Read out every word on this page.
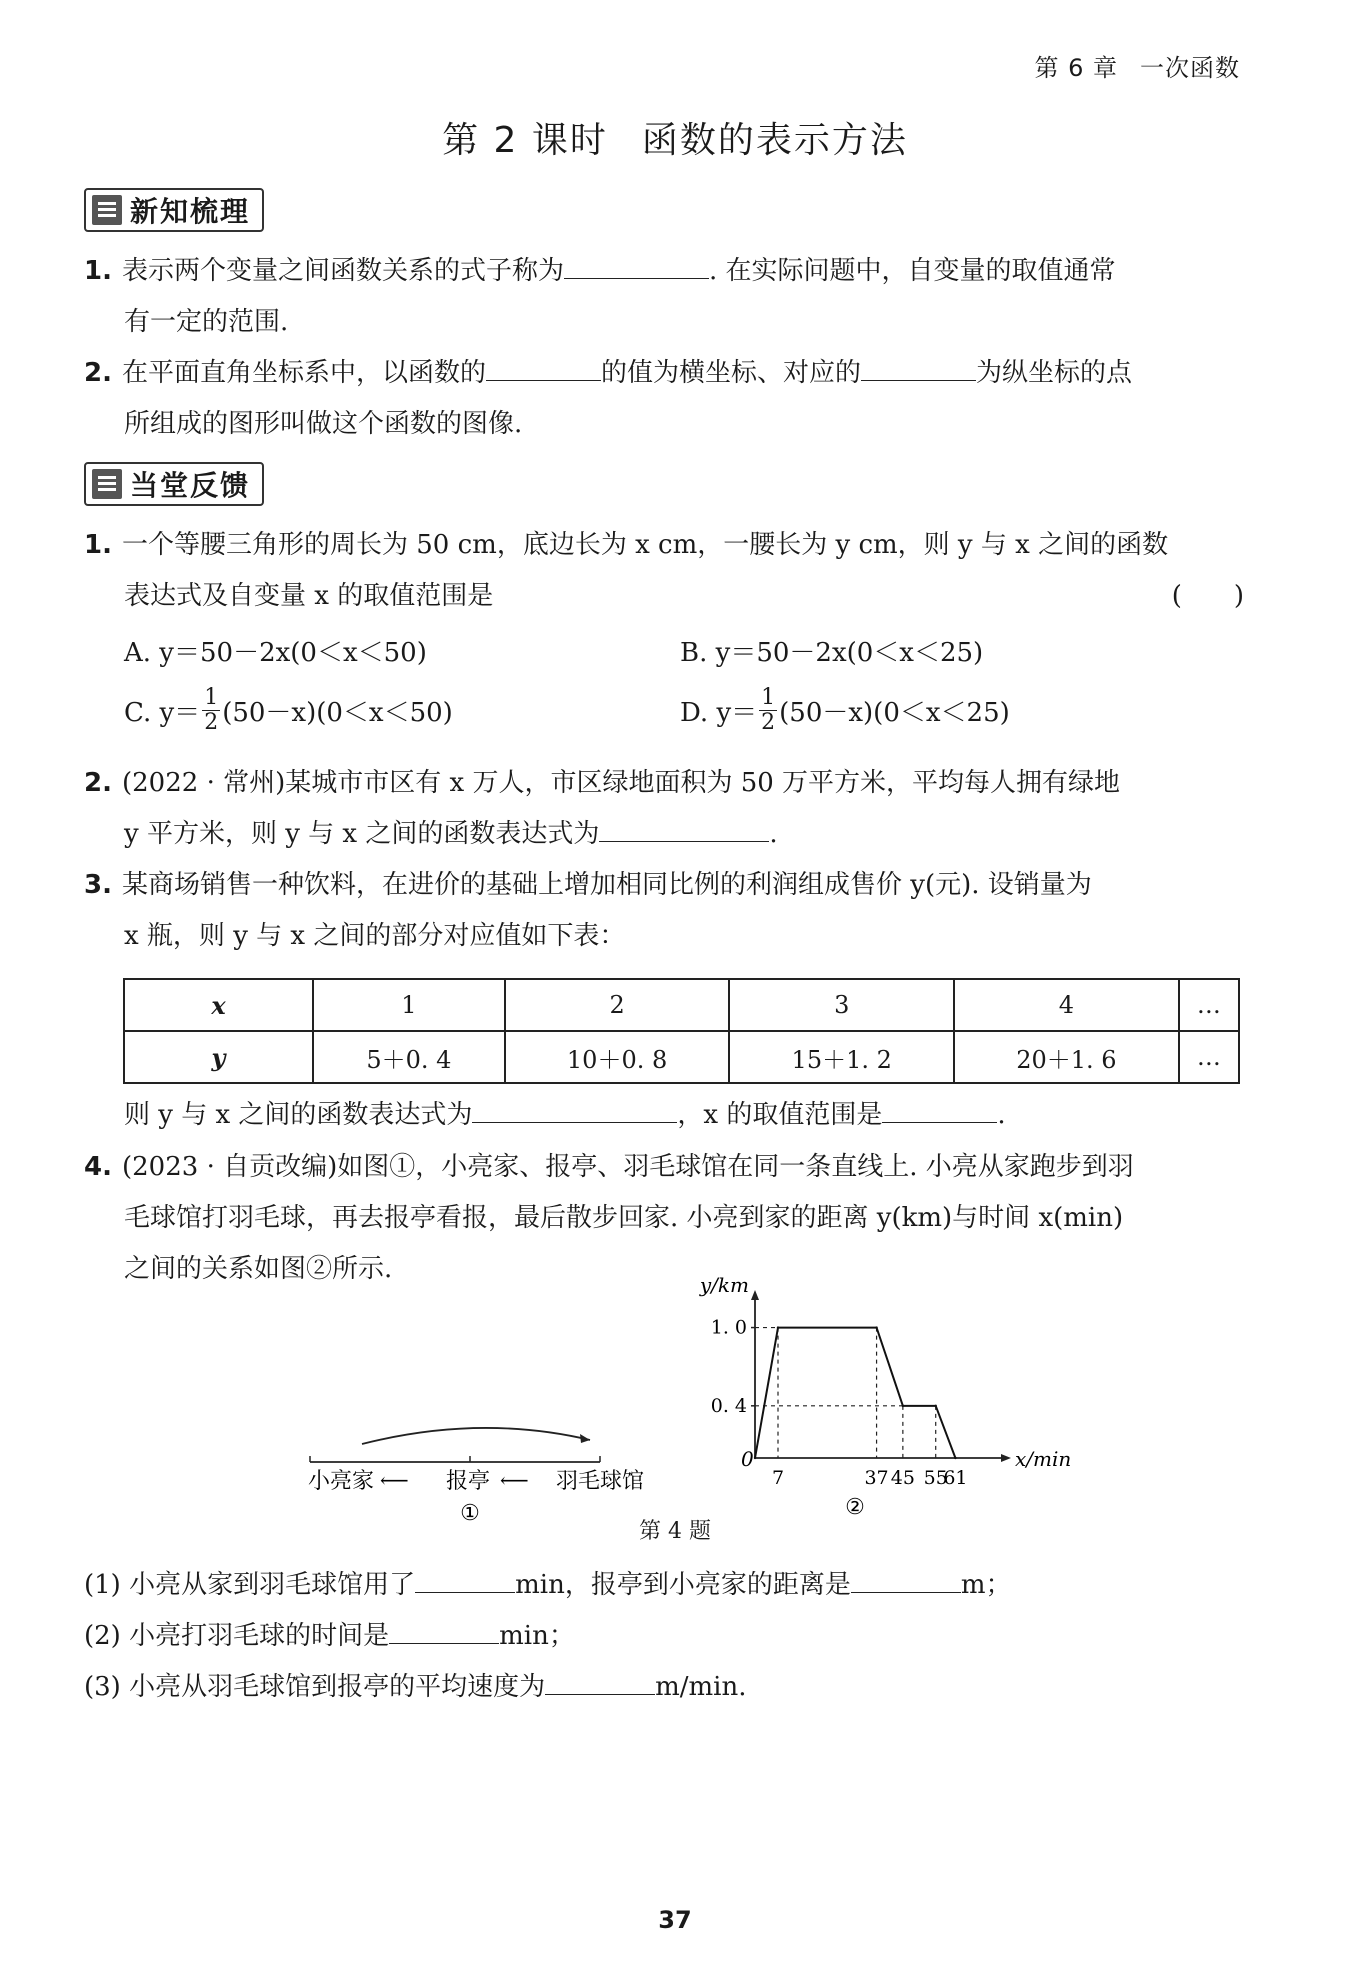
第 6 章 一次函数
第 2 课时 函数的表示方法
新知梳理
1. 表示两个变量之间函数关系的式子称为	. 在实际问题中，自变量的取值通常
有一定的范围.
2. 在平面直角坐标系中，以函数的	的值为横坐标、对应的	为纵坐标的点
所组成的图形叫做这个函数的图像.
当堂反馈
1. 一个等腰三角形的周长为 50 cm，底边长为 x cm，一腰长为 y cm，则 y 与 x 之间的函数
表达式及自变量 x 的取值范围是	(　　)
A. y＝50－2x(0＜x＜50)	B. y＝50－2x(0＜x＜25)
C. y＝
1
2 (50－x)(0＜x＜50)	D. y＝
1
2 (50－x)(0＜x＜25)
2. (2022 · 常州)某城市市区有 x 万人，市区绿地面积为 50 万平方米，平均每人拥有绿地
y 平方米，则 y 与 x 之间的函数表达式为	.
3. 某商场销售一种饮料，在进价的基础上增加相同比例的利润组成售价 y(元). 设销量为
x 瓶，则 y 与 x 之间的部分对应值如下表：
x	1	2	3	4	…
y	5＋0. 4	10＋0. 8	15＋1. 2	20＋1. 6	…
则 y 与 x 之间的函数表达式为	，x 的取值范围是	.
4. (2023 · 自贡改编)如图①，小亮家、报亭、羽毛球馆在同一条直线上. 小亮从家跑步到羽
毛球馆打羽毛球，再去报亭看报，最后散步回家. 小亮到家的距离 y(km)与时间 x(min)
之间的关系如图②所示.
小亮家 ⟵ 报亭 ⟵ 羽毛球馆
①
y/km
x/min
0
1. 0
0. 4
7	37 45 55
61
②
第 4 题
(1) 小亮从家到羽毛球馆用了	min，报亭到小亮家的距离是	m；
(2) 小亮打羽毛球的时间是	min；
(3) 小亮从羽毛球馆到报亭的平均速度为	m/min.
37
